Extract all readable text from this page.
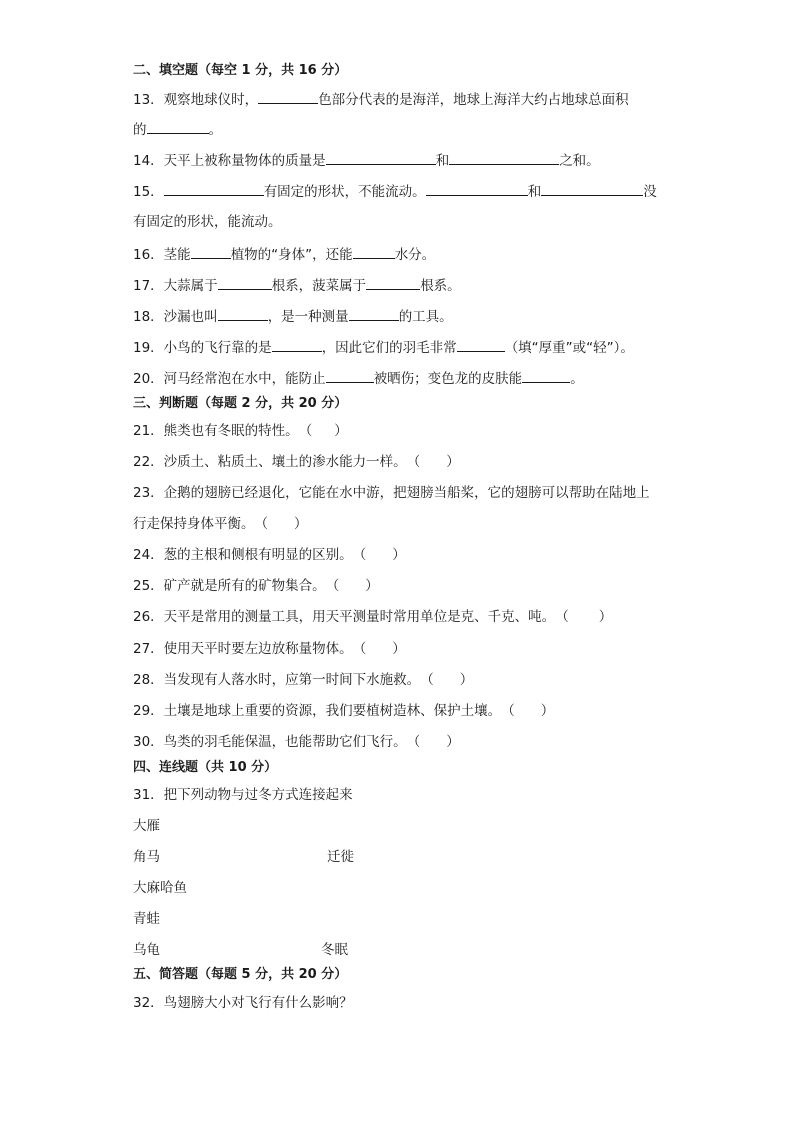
二、填空题（每空 1 分，共 16 分）
13．观察地球仪时，	色部分代表的是海洋，地球上海洋大约占地球总面积
的	。
14．天平上被称量物体的质量是	和	之和。
15．	有固定的形状，不能流动。	和	没
有固定的形状，能流动。
16．茎能	植物的“身体”，还能	水分。
17．大蒜属于	根系，菠菜属于	根系。
18．沙漏也叫	，是一种测量	的工具。
19．小鸟的飞行靠的是	，因此它们的羽毛非常	（填“厚重”或“轻”）。
20．河马经常泡在水中，能防止	被晒伤；变色龙的皮肤能	。
三、判断题（每题 2 分，共 20 分）
21．熊类也有冬眠的特性。（ ）
22．沙质土、粘质土、壤土的渗水能力一样。（ ）
23．企鹅的翅膀已经退化，它能在水中游，把翅膀当船桨，它的翅膀可以帮助在陆地上
行走保持身体平衡。（ ）
24．葱的主根和侧根有明显的区别。（ ）
25．矿产就是所有的矿物集合。（ ）
26．天平是常用的测量工具，用天平测量时常用单位是克、千克、吨。（ ）
27．使用天平时要左边放称量物体。（ ）
28．当发现有人落水时，应第一时间下水施救。（ ）
29．土壤是地球上重要的资源，我们要植树造林、保护土壤。（ ）
30．鸟类的羽毛能保温，也能帮助它们飞行。（ ）
四、连线题（共 10 分）
31．把下列动物与过冬方式连接起来
大雁
角马	迁徙
大麻哈鱼
青蛙
乌龟	冬眠
五、简答题（每题 5 分，共 20 分）
32．鸟翅膀大小对飞行有什么影响？
